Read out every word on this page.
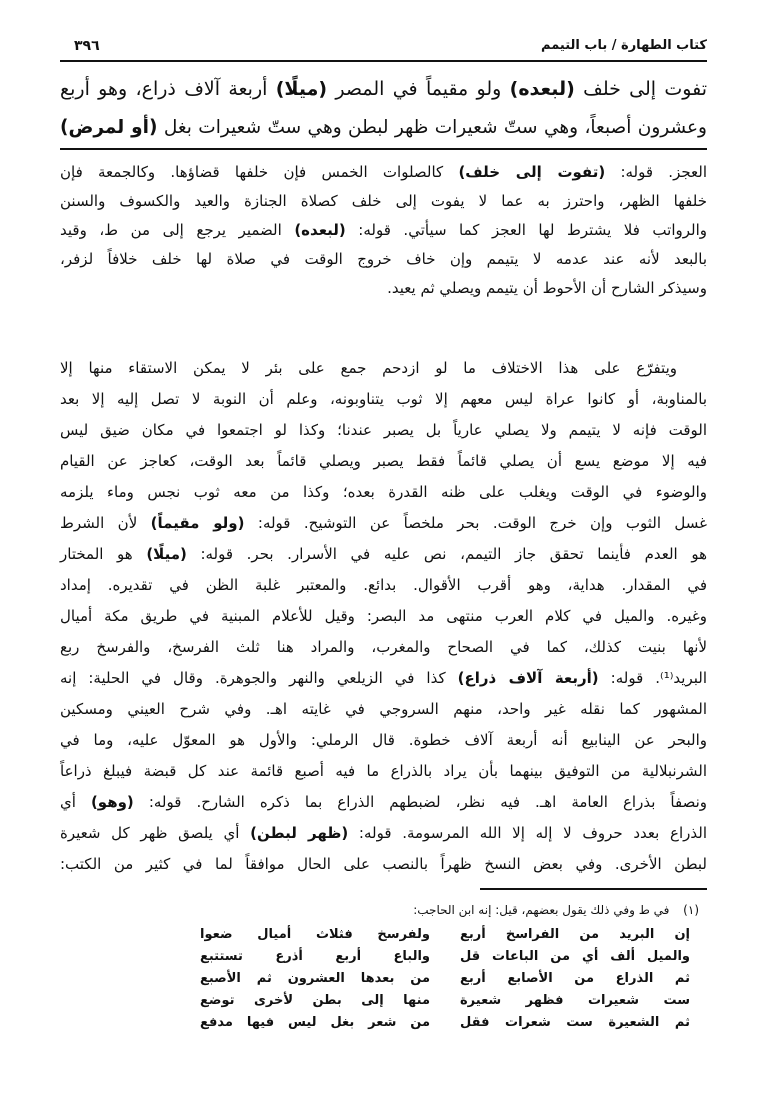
كتاب الطهارة / باب التيمم
٣٩٦
تفوت إلى خلف (لبعده) ولو مقيماً في المصر (ميلًا) أربعة آلاف ذراع، وهو أربع
وعشرون أصبعاً، وهي ستّ شعيرات ظهر لبطن وهي ستّ شعيرات بغل (أو لمرض)
العجز. قوله: (تفوت إلى خلف) كالصلوات الخمس فإن خلفها قضاؤها. وكالجمعة فإن
خلفها الظهر، واحترز به عما لا يفوت إلى خلف كصلاة الجنازة والعيد والكسوف والسنن
والرواتب فلا يشترط لها العجز كما سيأتي. قوله: (لبعده) الضمير يرجع إلى من ط، وقيد
بالبعد لأنه عند عدمه لا يتيمم وإن خاف خروج الوقت في صلاة لها خلف خلافاً لزفر،
وسيذكر الشارح أن الأحوط أن يتيمم ويصلي ثم يعيد.
ويتفرّع على هذا الاختلاف ما لو ازدحم جمع على بئر لا يمكن الاستقاء منها إلا
بالمناوبة، أو كانوا عراة ليس معهم إلا ثوب يتناوبونه، وعلم أن النوبة لا تصل إليه إلا بعد
الوقت فإنه لا يتيمم ولا يصلي عارياً بل يصبر عندنا؛ وكذا لو اجتمعوا في مكان ضيق ليس
فيه إلا موضع يسع أن يصلي قائماً فقط يصبر ويصلي قائماً بعد الوقت، كعاجز عن القيام
والوضوء في الوقت ويغلب على ظنه القدرة بعده؛ وكذا من معه ثوب نجس وماء يلزمه
غسل الثوب وإن خرج الوقت. بحر ملخصاً عن التوشيح. قوله: (ولو مقيماً) لأن الشرط
هو العدم فأينما تحقق جاز التيمم، نص عليه في الأسرار. بحر. قوله: (ميلًا) هو المختار
في المقدار. هداية، وهو أقرب الأقوال. بدائع. والمعتبر غلبة الظن في تقديره. إمداد
وغيره. والميل في كلام العرب منتهى مد البصر: وقيل للأعلام المبنية في طريق مكة أميال
لأنها بنيت كذلك، كما في الصحاح والمغرب، والمراد هنا ثلث الفرسخ، والفرسخ ربع
البريد⁽¹⁾. قوله: (أربعة آلاف ذراع) كذا في الزيلعي والنهر والجوهرة. وقال في الحلية: إنه
المشهور كما نقله غير واحد، منهم السروجي في غايته اهـ. وفي شرح العيني ومسكين
والبحر عن الينابيع أنه أربعة آلاف خطوة. قال الرملي: والأول هو المعوّل عليه، وما في
الشرنبلالية من التوفيق بينهما بأن يراد بالذراع ما فيه أصبع قائمة عند كل قبضة فيبلغ ذراعاً
ونصفاً بذراع العامة اهـ. فيه نظر، لضبطهم الذراع بما ذكره الشارح. قوله: (وهو) أي
الذراع بعدد حروف لا إله إلا الله المرسومة. قوله: (ظهر لبطن) أي يلصق ظهر كل شعيرة
لبطن الأخرى. وفي بعض النسخ ظهراً بالنصب على الحال موافقاً لما في كثير من الكتب:
(١) في ط وفي ذلك يقول بعضهم، قيل: إنه ابن الحاجب:
إن البريد من الفراسخ أربع
ولفرسخ فثلاث أميال ضعوا
والميل ألف أي من الباعات قل
والباع أربع أذرع تستتبع
ثم الذراع من الأصابع أربع
من بعدها العشرون ثم الأصبع
ست شعيرات فظهر شعيرة
منها إلى بطن لأخرى توضع
ثم الشعيرة ست شعرات فقل
من شعر بغل ليس فيها مدفع
